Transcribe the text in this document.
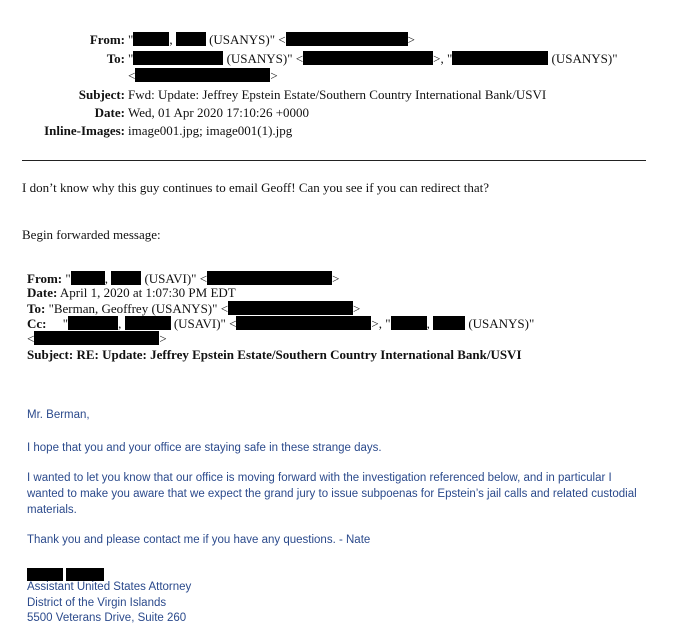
From: "	,	(USANYS)" <	>
To: "	(USANYS)" <	>, "	(USANYS)"
<	>
Subject: Fwd: Update: Jeffrey Epstein Estate/Southern Country International Bank/USVI
Date: Wed, 01 Apr 2020 17:10:26 +0000
Inline-Images: image001.jpg; image001(1).jpg
I don’t know why this guy continues to email Geoff! Can you see if you can redirect that?
Begin forwarded message:
From: "	,	(USAVI)" <	>
Date: April 1, 2020 at 1:07:30 PM EDT
To: "Berman, Geoffrey (USANYS)" <	>
Cc:     "	,	(USAVI)" <	>, "	,	(USANYS)"
<	>
Subject: RE: Update: Jeffrey Epstein Estate/Southern Country International Bank/USVI
Mr. Berman,
I hope that you and your office are staying safe in these strange days.
I wanted to let you know that our office is moving forward with the investigation referenced below, and in particular I
wanted to make you aware that we expect the grand jury to issue subpoenas for Epstein’s jail calls and related custodial
materials.
Thank you and please contact me if you have any questions. - Nate
Assistant United States Attorney
District of the Virgin Islands
5500 Veterans Drive, Suite 260
